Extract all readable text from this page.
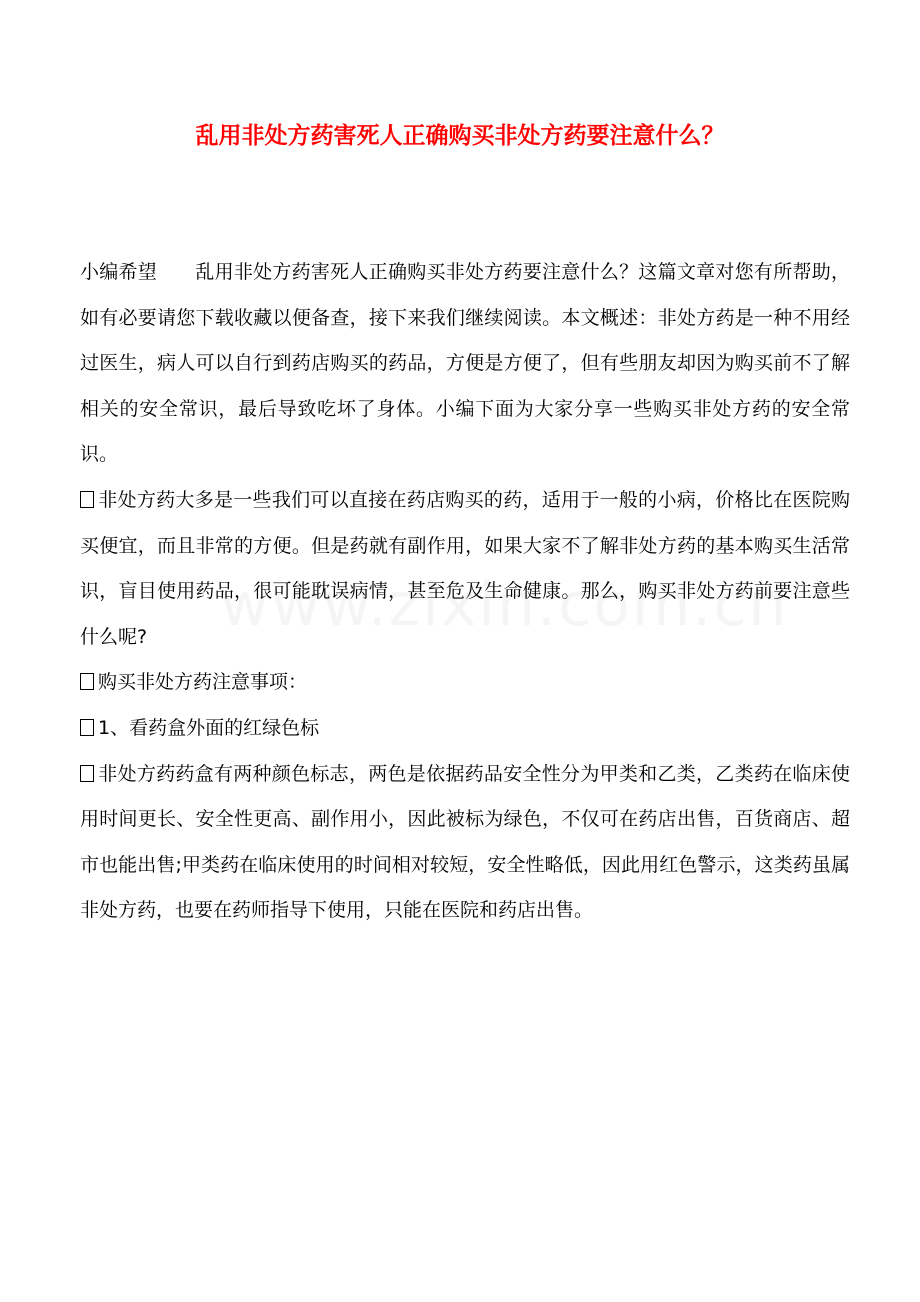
乱用非处方药害死人正确购买非处方药要注意什么？

小编希望 乱用非处方药害死人正确购买非处方药要注意什么？这篇文章对您有所帮助，如有必要请您下载收藏以便备查，接下来我们继续阅读。本文概述：非处方药是一种不用经过医生，病人可以自行到药店购买的药品，方便是方便了，但有些朋友却因为购买前不了解相关的安全常识，最后导致吃坏了身体。小编下面为大家分享一些购买非处方药的安全常识。

非处方药大多是一些我们可以直接在药店购买的药，适用于一般的小病，价格比在医院购买便宜，而且非常的方便。但是药就有副作用，如果大家不了解非处方药的基本购买生活常识，盲目使用药品，很可能耽误病情，甚至危及生命健康。那么，购买非处方药前要注意些什么呢?

购买非处方药注意事项：

1、看药盒外面的红绿色标

非处方药药盒有两种颜色标志，两色是依据药品安全性分为甲类和乙类，乙类药在临床使用时间更长、安全性更高、副作用小，因此被标为绿色，不仅可在药店出售，百货商店、超市也能出售;甲类药在临床使用的时间相对较短，安全性略低，因此用红色警示，这类药虽属非处方药，也要在药师指导下使用，只能在医院和药店出售。
